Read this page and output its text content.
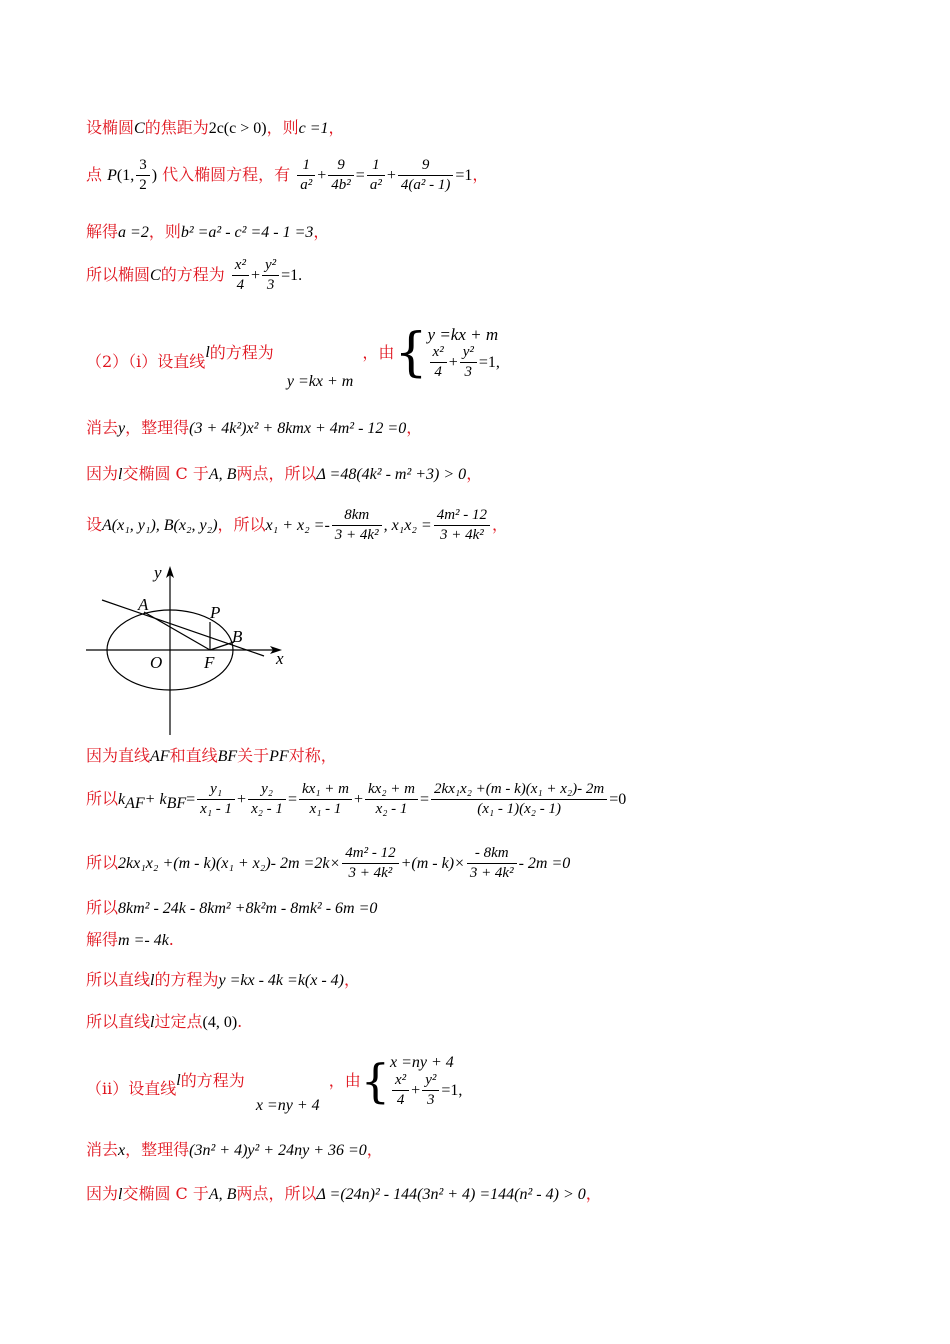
设椭圆C的焦距为2c(c > 0)，则c =1，
点 P(1, $\frac{3}{2}$ ) 代入椭圆方程，有 $\frac{1}{\text{a²}} + \frac{9}{\text{4b²}} = \frac{1}{\text{a²}} + \frac{9}{\text{4(a² - 1)}} =1$，
解得a =2，则b² =a² - c² =4 - 1 =3，
所以椭圆C的方程为 $\frac{\text{x²}}{4} + \frac{\text{y²}}{3} =1$.
（2）（ⅰ）设直线l的方程为 y =kx + m ，由{ y =kx + m
$\frac{\text{x²}}{4} + \frac{\text{y²}}{3} =1$,
消去y，整理得(3 + 4k²)x² + 8kmx + 4m² - 12 =0，
因为l交椭圆 C 于A, B两点，所以Δ =48(4k² - m² +3) > 0，
设A(x₁, y₁), B(x₂, y₂)，所以$x_1 + x_2 =- \frac{8km}{\text{3 + 4k²}}$ , $x_1x_2 = \frac{\text{4m² - 12}}{\text{3 + 4k²}}$ ，
y
x
A	P
B
O F
因为直线AF和直线BF关于PF对称，
所以$k_{AF}+ k_{BF}= \frac{\text{y₁}}{\text{x₁ - 1}} + \frac{\text{y₂}}{\text{x₂ - 1}} = \frac{\text{kx₁ + m}}{\text{x₁ - 1}} + \frac{\text{kx₂ + m}}{\text{x₂ - 1}} = \frac{\text{2kx₁x₂ +(m - k)(x₁ + x₂)- 2m}}{\text{(x₁ - 1)(x₂ - 1)}} =0$
所以2kx₁x₂ +(m - k)(x₁ + x₂)- $2m =2k\times \frac{\text{4m² - 12}}{\text{3 + 4k²}} +(m - k)\times \frac{- 8km}{\text{3 + 4k²}} - 2m =0$
所以8km² - 24k - 8km² +8k²m - 8mk² - 6m =0
解得m =- 4k.
所以直线l的方程为y =kx - 4k =k(x - 4)，
所以直线l过定点(4, 0).
（ⅱ）设直线l的方程为 x =ny + 4 ，由{ x =ny + 4
$\frac{\text{x²}}{4} + \frac{\text{y²}}{3} =1$,
消去x，整理得(3n² + 4)y² + 24ny + 36 =0，
因为l交椭圆 C 于A, B两点，所以Δ =(24n)² - 144(3n² + 4) =144(n² - 4) > 0，
